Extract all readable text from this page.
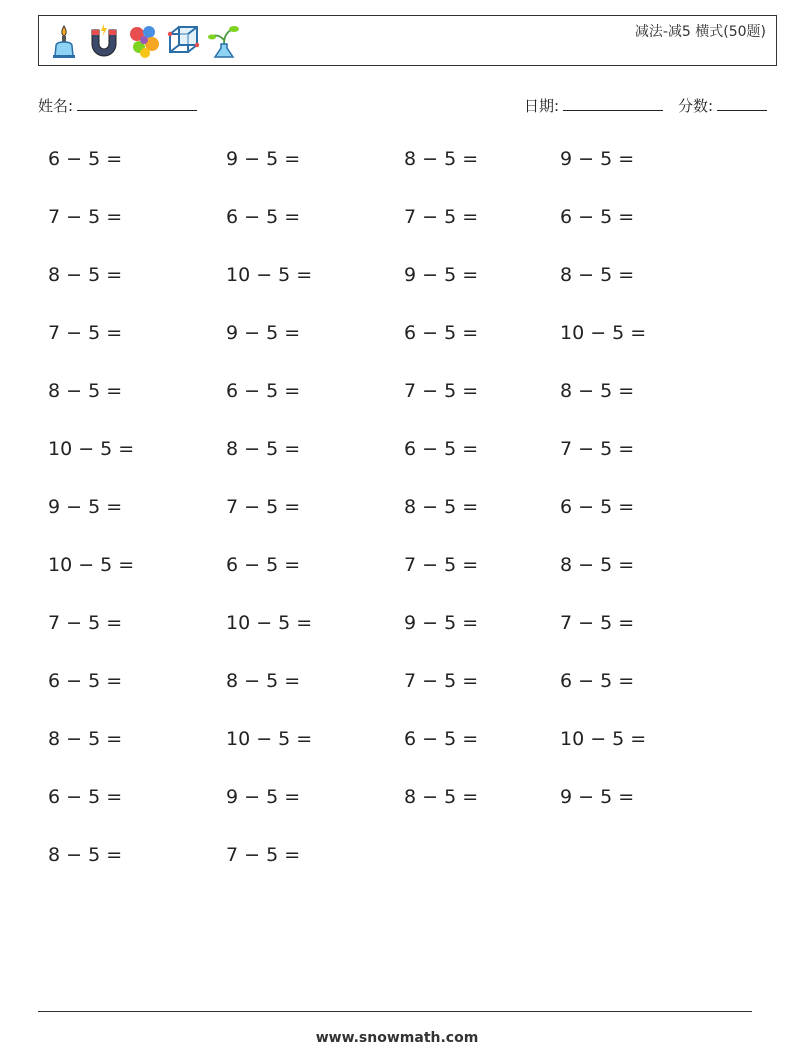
减法-减5 横式(50题)
姓名:	日期:	分数:
6 − 5 =	9 − 5 =	8 − 5 =	9 − 5 =
7 − 5 =	6 − 5 =	7 − 5 =	6 − 5 =
8 − 5 =	10 − 5 =	9 − 5 =	8 − 5 =
7 − 5 =	9 − 5 =	6 − 5 =	10 − 5 =
8 − 5 =	6 − 5 =	7 − 5 =	8 − 5 =
10 − 5 =	8 − 5 =	6 − 5 =	7 − 5 =
9 − 5 =	7 − 5 =	8 − 5 =	6 − 5 =
10 − 5 =	6 − 5 =	7 − 5 =	8 − 5 =
7 − 5 =	10 − 5 =	9 − 5 =	7 − 5 =
6 − 5 =	8 − 5 =	7 − 5 =	6 − 5 =
8 − 5 =	10 − 5 =	6 − 5 =	10 − 5 =
6 − 5 =	9 − 5 =	8 − 5 =	9 − 5 =
8 − 5 =	7 − 5 =
www.snowmath.com
